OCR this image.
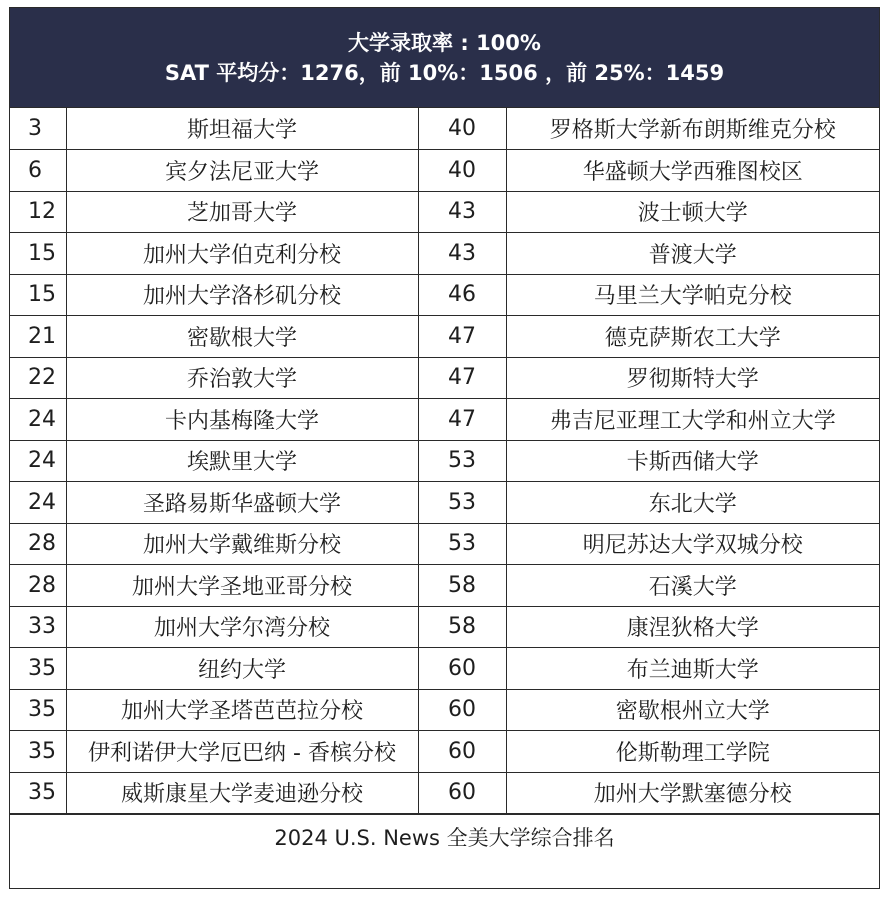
大学录取率 : 100%
SAT 平均分：1276，前 10%：1506 ，前 25%：1459
3	斯坦福大学	40	罗格斯大学新布朗斯维克分校
6	宾夕法尼亚大学	40	华盛顿大学西雅图校区
12	芝加哥大学	43	波士顿大学
15	加州大学伯克利分校	43	普渡大学
15	加州大学洛杉矶分校	46	马里兰大学帕克分校
21	密歇根大学	47	德克萨斯农工大学
22	乔治敦大学	47	罗彻斯特大学
24	卡内基梅隆大学	47	弗吉尼亚理工大学和州立大学
24	埃默里大学	53	卡斯西储大学
24	圣路易斯华盛顿大学	53	东北大学
28	加州大学戴维斯分校	53	明尼苏达大学双城分校
28	加州大学圣地亚哥分校	58	石溪大学
33	加州大学尔湾分校	58	康涅狄格大学
35	纽约大学	60	布兰迪斯大学
35	加州大学圣塔芭芭拉分校	60	密歇根州立大学
35	伊利诺伊大学厄巴纳 - 香槟分校	60	伦斯勒理工学院
35	威斯康星大学麦迪逊分校	60	加州大学默塞德分校
2024 U.S. News 全美大学综合排名
